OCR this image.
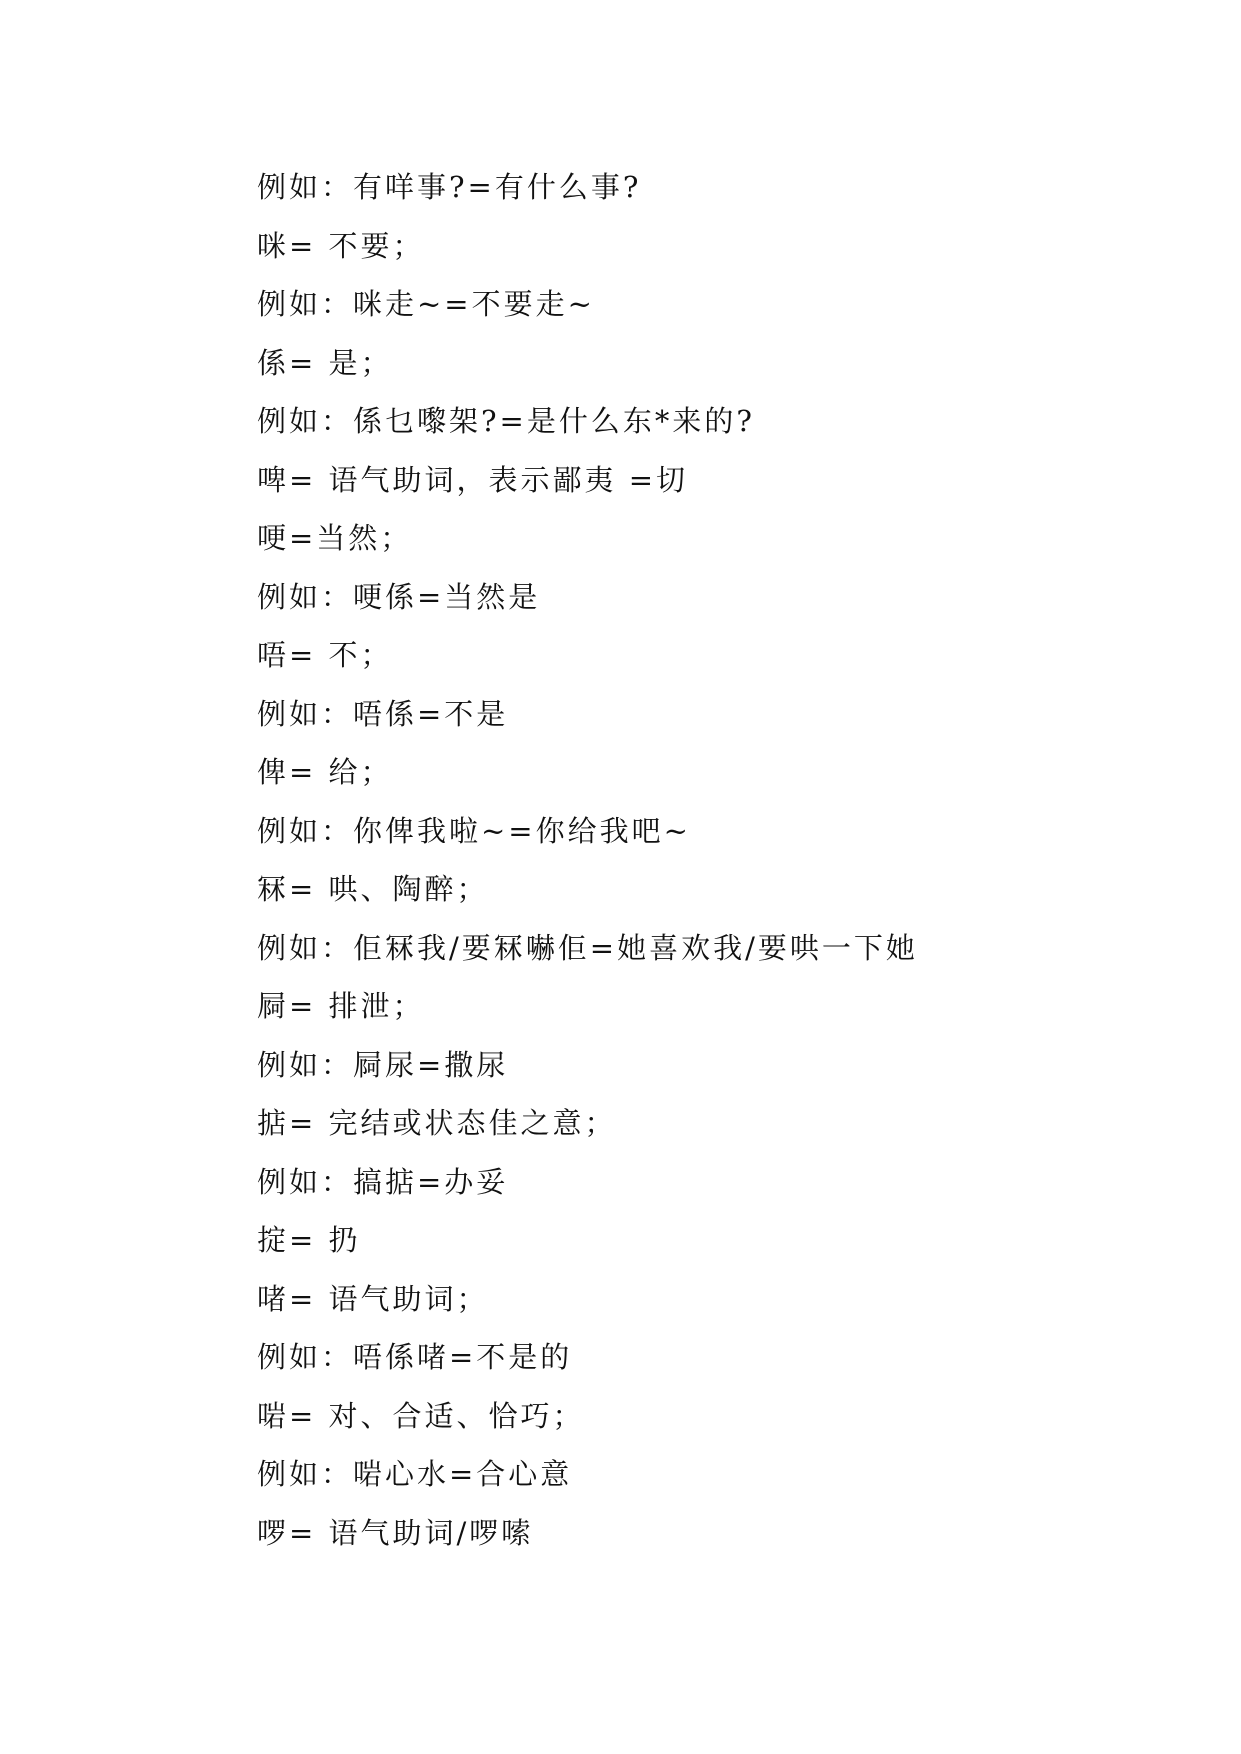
例如：有咩事?=有什么事?
咪= 不要；
例如：咪走~=不要走~
係= 是；
例如：係乜嚟架?=是什么东*来的?
啤= 语气助词，表示鄙夷 =切
哽=当然；
例如：哽係=当然是
唔= 不；
例如：唔係=不是
俾= 给；
例如：你俾我啦~=你给我吧~
冧= 哄、陶醉；
例如：佢冧我/要冧嚇佢=她喜欢我/要哄一下她
屙= 排泄；
例如：屙尿=撒尿
掂= 完结或状态佳之意；
例如：搞掂=办妥
掟= 扔
啫= 语气助词；
例如：唔係啫=不是的
啱= 对、合适、恰巧；
例如：啱心水=合心意
啰= 语气助词/啰嗦
